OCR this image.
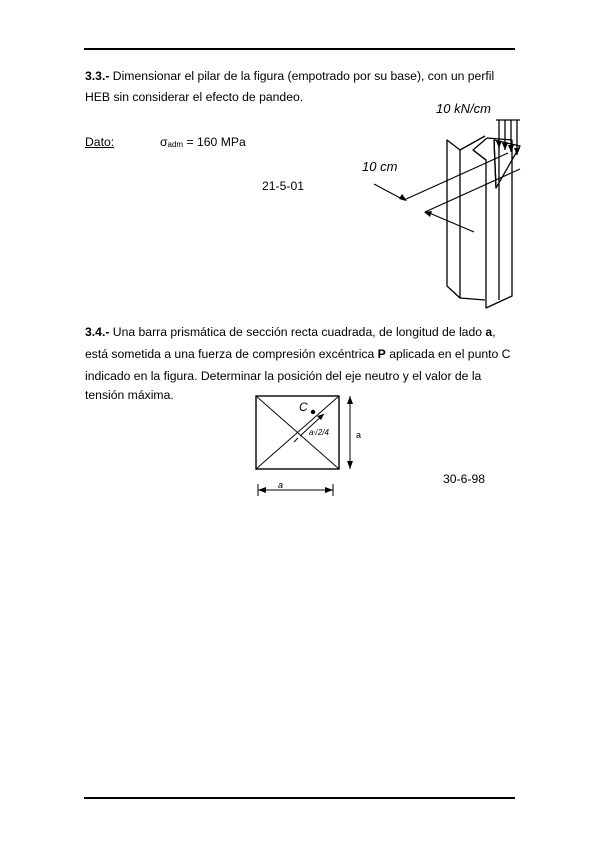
3.3.- Dimensionar el pilar de la figura (empotrado por su base), con un perfil

HEB sin considerar el efecto de pandeo.
Dato:	σadm = 160 MPa
21-5-01
10 kN/cm
10 cm

3.4.- Una barra prismática de sección recta cuadrada, de longitud de lado a,

está sometida a una fuerza de compresión excéntrica P aplicada en el punto C

indicado en la figura. Determinar la posición del eje neutro y el valor de la

tensión máxima.
30-6-98
C
a√2/4	a
a
